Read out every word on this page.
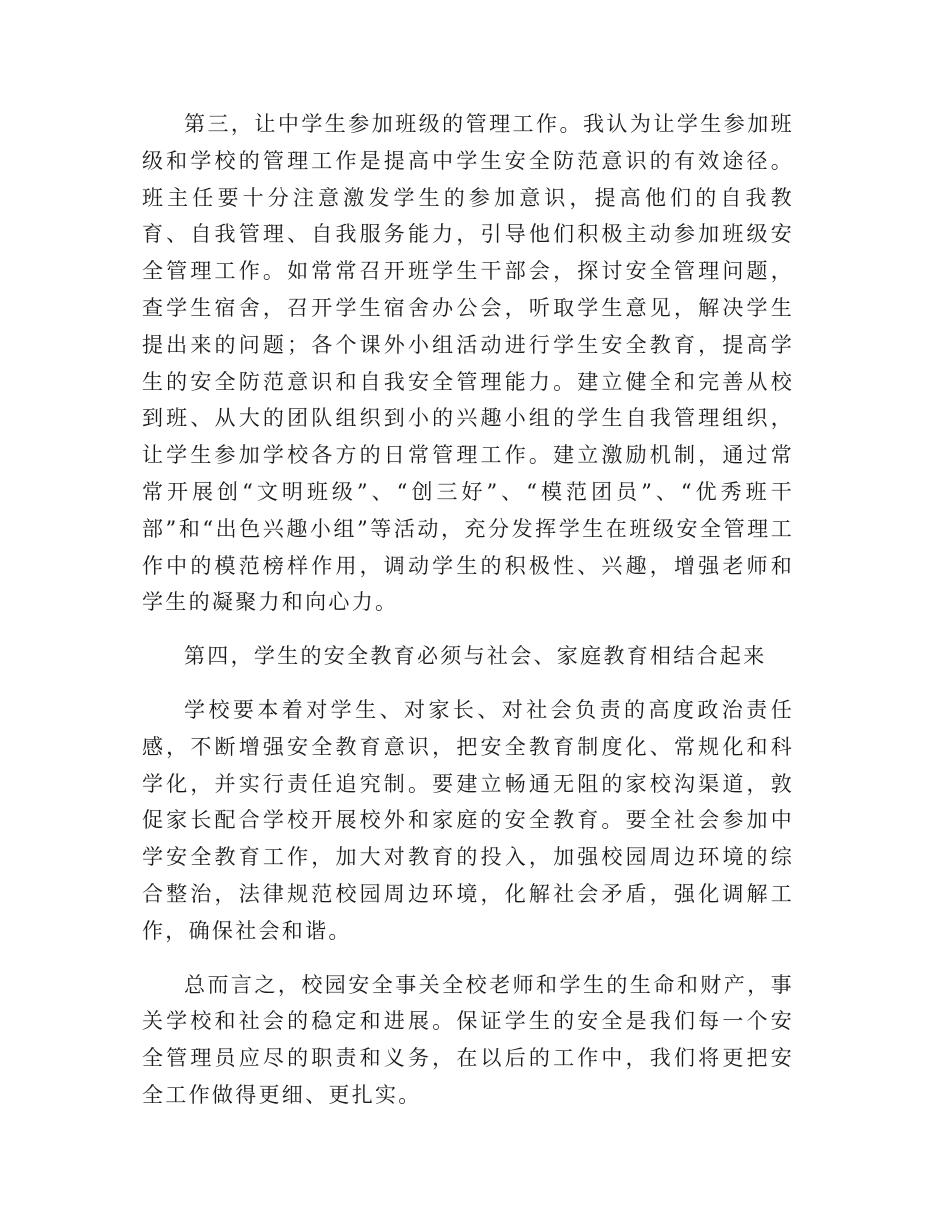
第三，让中学生参加班级的管理工作。我认为让学生参加班级和学校的管理工作是提高中学生安全防范意识的有效途径。班主任要十分注意激发学生的参加意识，提高他们的自我教育、自我管理、自我服务能力，引导他们积极主动参加班级安全管理工作。如常常召开班学生干部会，探讨安全管理问题，查学生宿舍，召开学生宿舍办公会，听取学生意见，解决学生提出来的问题；各个课外小组活动进行学生安全教育，提高学生的安全防范意识和自我安全管理能力。建立健全和完善从校到班、从大的团队组织到小的兴趣小组的学生自我管理组织，让学生参加学校各方的日常管理工作。建立激励机制，通过常常开展创“文明班级”、“创三好”、“模范团员”、“优秀班干部”和“出色兴趣小组”等活动，充分发挥学生在班级安全管理工作中的模范榜样作用，调动学生的积极性、兴趣，增强老师和学生的凝聚力和向心力。

第四，学生的安全教育必须与社会、家庭教育相结合起来

学校要本着对学生、对家长、对社会负责的高度政治责任感，不断增强安全教育意识，把安全教育制度化、常规化和科学化，并实行责任追究制。要建立畅通无阻的家校沟渠道，敦促家长配合学校开展校外和家庭的安全教育。要全社会参加中学安全教育工作，加大对教育的投入，加强校园周边环境的综合整治，法律规范校园周边环境，化解社会矛盾，强化调解工作，确保社会和谐。

总而言之，校园安全事关全校老师和学生的生命和财产，事关学校和社会的稳定和进展。保证学生的安全是我们每一个安全管理员应尽的职责和义务，在以后的工作中，我们将更把安全工作做得更细、更扎实。
